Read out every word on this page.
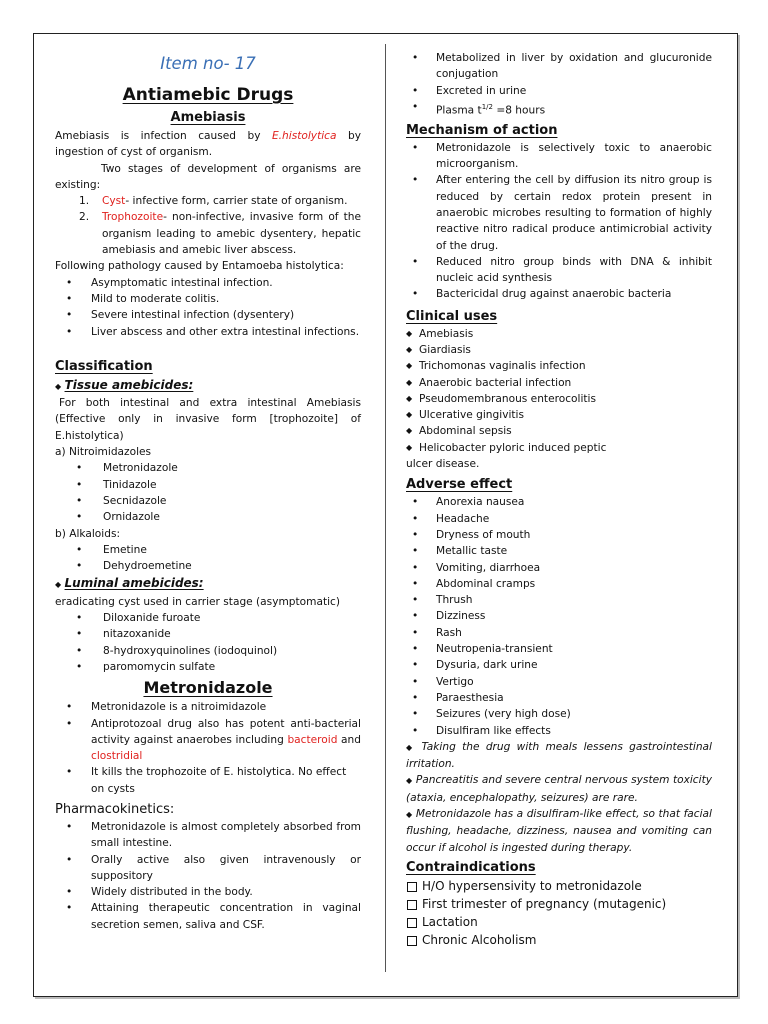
Item no- 17
Antiamebic Drugs
Amebiasis

Amebiasis is infection caused by E.histolytica by ingestion of cyst of organism.

Two stages of development of organisms are existing:

1. Cyst- infective form, carrier state of organism.
2. Trophozoite- non-infective, invasive form of the organism leading to amebic dysentery, hepatic amebiasis and amebic liver abscess.

Following pathology caused by Entamoeba histolytica:

• Asymptomatic intestinal infection.
• Mild to moderate colitis.
• Severe intestinal infection (dysentery)
• Liver abscess and other extra intestinal infections.
Classification
◆ Tissue amebicides:

For both intestinal and extra intestinal Amebiasis (Effective only in invasive form [trophozoite] of E.histolytica)

a) Nitroimidazoles

• Metronidazole
• Tinidazole
• Secnidazole
• Ornidazole

b) Alkaloids:

• Emetine
• Dehydroemetine
◆ Luminal amebicides:

eradicating cyst used in carrier stage (asymptomatic)

• Diloxanide furoate
• nitazoxanide
• 8-hydroxyquinolines (iodoquinol)
• paromomycin sulfate
Metronidazole
• Metronidazole is a nitroimidazole
• Antiprotozoal drug also has potent anti-bacterial activity against anaerobes including bacteroid and clostridial
• It kills the trophozoite of E. histolytica. No effect on cysts
Pharmacokinetics:
• Metronidazole is almost completely absorbed from small intestine.
• Orally active also given intravenously or suppository
• Widely distributed in the body.
• Attaining therapeutic concentration in vaginal secretion semen, saliva and CSF.
• Metabolized in liver by oxidation and glucuronide conjugation
• Excreted in urine
• Plasma $t^{1/2} =8$ hours
Mechanism of action
• Metronidazole is selectively toxic to anaerobic microorganism.
• After entering the cell by diffusion its nitro group is reduced by certain redox protein present in anaerobic microbes resulting to formation of highly reactive nitro radical produce antimicrobial activity of the drug.
• Reduced nitro group binds with DNA & inhibit nucleic acid synthesis
• Bactericidal drug against anaerobic bacteria
Clinical uses
◆ Amebiasis
◆ Giardiasis
◆ Trichomonas vaginalis infection
◆ Anaerobic bacterial infection
◆ Pseudomembranous enterocolitis
◆ Ulcerative gingivitis
◆ Abdominal sepsis
◆ Helicobacter pyloric induced peptic

ulcer disease.

Adverse effect
• Anorexia nausea
• Headache
• Dryness of mouth
• Metallic taste
• Vomiting, diarrhoea
• Abdominal cramps
• Thrush
• Dizziness
• Rash
• Neutropenia-transient
• Dysuria, dark urine
• Vertigo
• Paraesthesia
• Seizures (very high dose)
• Disulfiram like effects

◆ Taking the drug with meals lessens gastrointestinal irritation.

◆ Pancreatitis and severe central nervous system toxicity (ataxia, encephalopathy, seizures) are rare.

◆ Metronidazole has a disulfiram-like effect, so that facial flushing, headache, dizziness, nausea and vomiting can occur if alcohol is ingested during therapy.

Contraindications
H/O hypersensivity to metronidazole
First trimester of pregnancy (mutagenic)
Lactation
Chronic Alcoholism
